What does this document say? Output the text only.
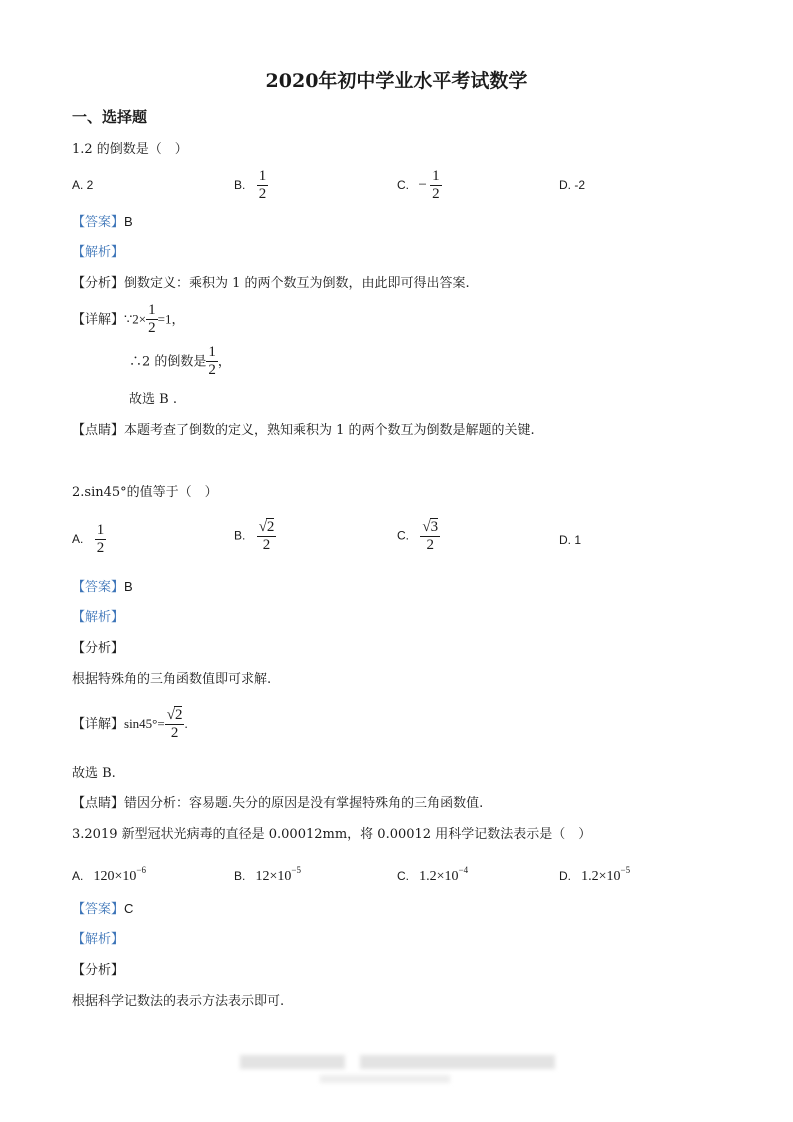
2020年初中学业水平考试数学
一、选择题
1.2 的倒数是（　）
A. 2	B. $\frac{1}{2}$	C. − $\frac{1}{2}$	D. -2
【答案】B
【解析】
【分析】倒数定义：乘积为 1 的两个数互为倒数，由此即可得出答案.
【详解】∵2× $\frac{1}{2} =1$，
∴2 的倒数是 $\frac{1}{2}$ ，
故选 B .
【点睛】本题考查了倒数的定义，熟知乘积为 1 的两个数互为倒数是解题的关键.
2.sin45°的值等于（　）
A. $\frac{1}{2}$	B. $\frac{√2}{2}$	C. $\frac{√3}{2}$	D. 1
【答案】B
【解析】
【分析】
根据特殊角的三角函数值即可求解.
【详解】$\sin 45^\circ= \frac{√2}{2}$ .
故选 B.
【点睛】错因分析：容易题.失分的原因是没有掌握特殊角的三角函数值.
3.2019 新型冠状光病毒的直径是 0.00012mm，将 0.00012 用科学记数法表示是（　）
A. $120\times 10^{-6}$	B. $12\times 10^{-5}$	C. $1.2\times 10^{-4}$	D. $1.2\times 10^{-5}$
【答案】C
【解析】
【分析】
根据科学记数法的表示方法表示即可.
